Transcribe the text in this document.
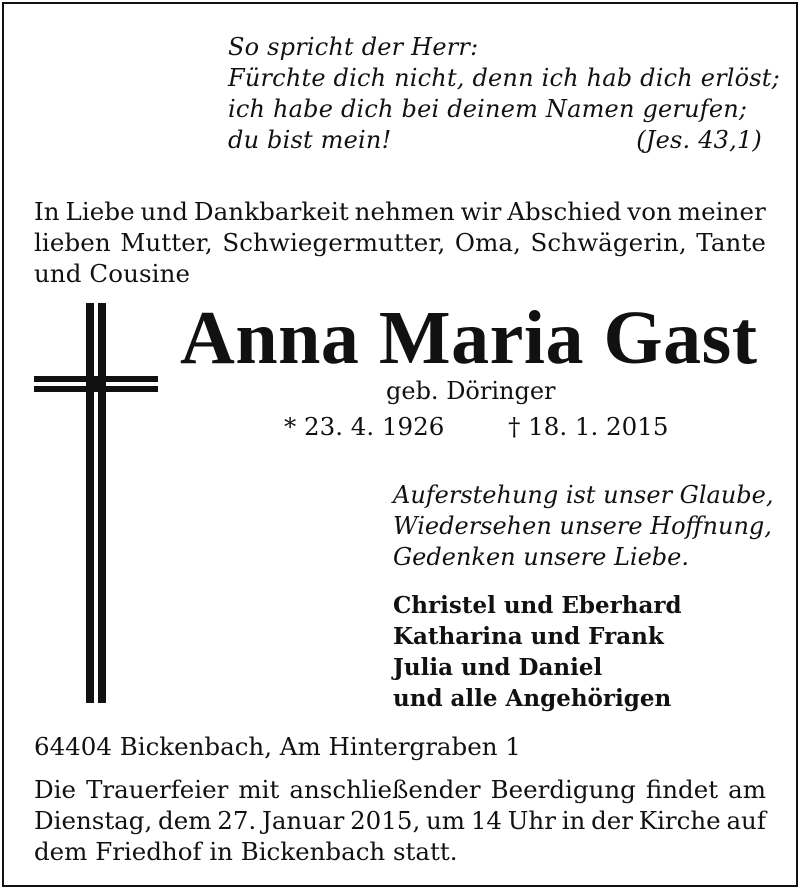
So spricht der Herr:
Fürchte dich nicht, denn ich hab dich erlöst;
ich habe dich bei deinem Namen gerufen;
du bist mein!	(Jes. 43,1)
In Liebe und Dankbarkeit nehmen wir Abschied von meiner
lieben Mutter, Schwiegermutter, Oma, Schwägerin, Tante
und Cousine
Anna Maria Gast
geb. Döringer
* 23. 4. 1926	† 18. 1. 2015
Auferstehung ist unser Glaube,
Wiedersehen unsere Hoffnung,
Gedenken unsere Liebe.
Christel und Eberhard
Katharina und Frank
Julia und Daniel
und alle Angehörigen
64404 Bickenbach, Am Hintergraben 1
Die Trauerfeier mit anschließender Beerdigung findet am
Dienstag, dem 27. Januar 2015, um 14 Uhr in der Kirche auf
dem Friedhof in Bickenbach statt.
